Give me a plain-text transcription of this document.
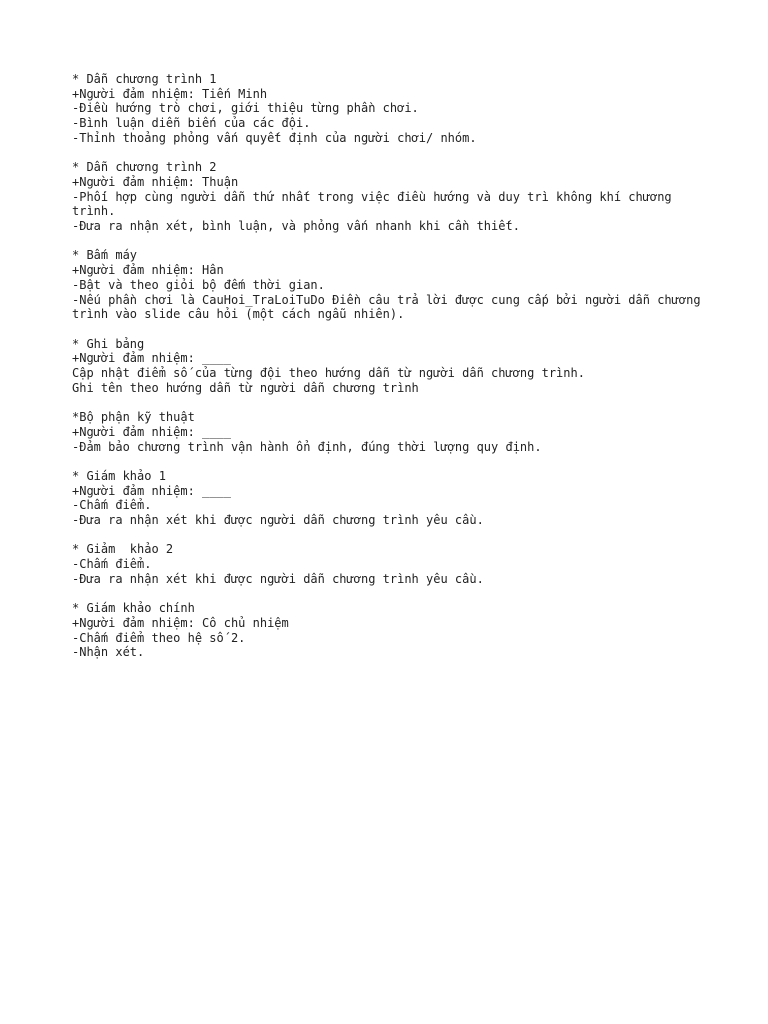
* Dẫn chương trình 1
+Người đảm nhiệm: Tiến Minh
-Điều hướng trò chơi, giới thiệu từng phần chơi.
-Bình luận diễn biến của các đội.
-Thỉnh thoảng phỏng vấn quyết định của người chơi/ nhóm.
* Dẫn chương trình 2
+Người đảm nhiệm: Thuận
-Phối hợp cùng người dẫn thứ nhất trong việc điều hướng và duy trì không khí chương trình.
-Đưa ra nhận xét, bình luận, và phỏng vấn nhanh khi cần thiết.
* Bấm máy
+Người đảm nhiệm: Hân
-Bật và theo giỏi bộ đếm thời gian.
-Nếu phần chơi là CauHoi_TraLoiTuDo Điền câu trả lời được cung cấp bởi người dẫn chương trình vào slide câu hỏi (một cách ngẫu nhiên).
* Ghi bảng
+Người đảm nhiệm: ____
Cập nhật điểm số của từng đội theo hướng dẫn từ người dẫn chương trình.
Ghi tên theo hướng dẫn từ người dẫn chương trình
*Bộ phận kỹ thuật
+Người đảm nhiệm: ____
-Đảm bảo chương trình vận hành ổn định, đúng thời lượng quy định.
* Giám khảo 1
+Người đảm nhiệm: ____
-Chấm điểm.
-Đưa ra nhận xét khi được người dẫn chương trình yêu cầu.
* Giảm  khảo 2
-Chấm điểm.
-Đưa ra nhận xét khi được người dẫn chương trình yêu cầu.
* Giám khảo chính
+Người đảm nhiệm: Cô chủ nhiệm
-Chấm điểm theo hệ số 2.
-Nhận xét.
